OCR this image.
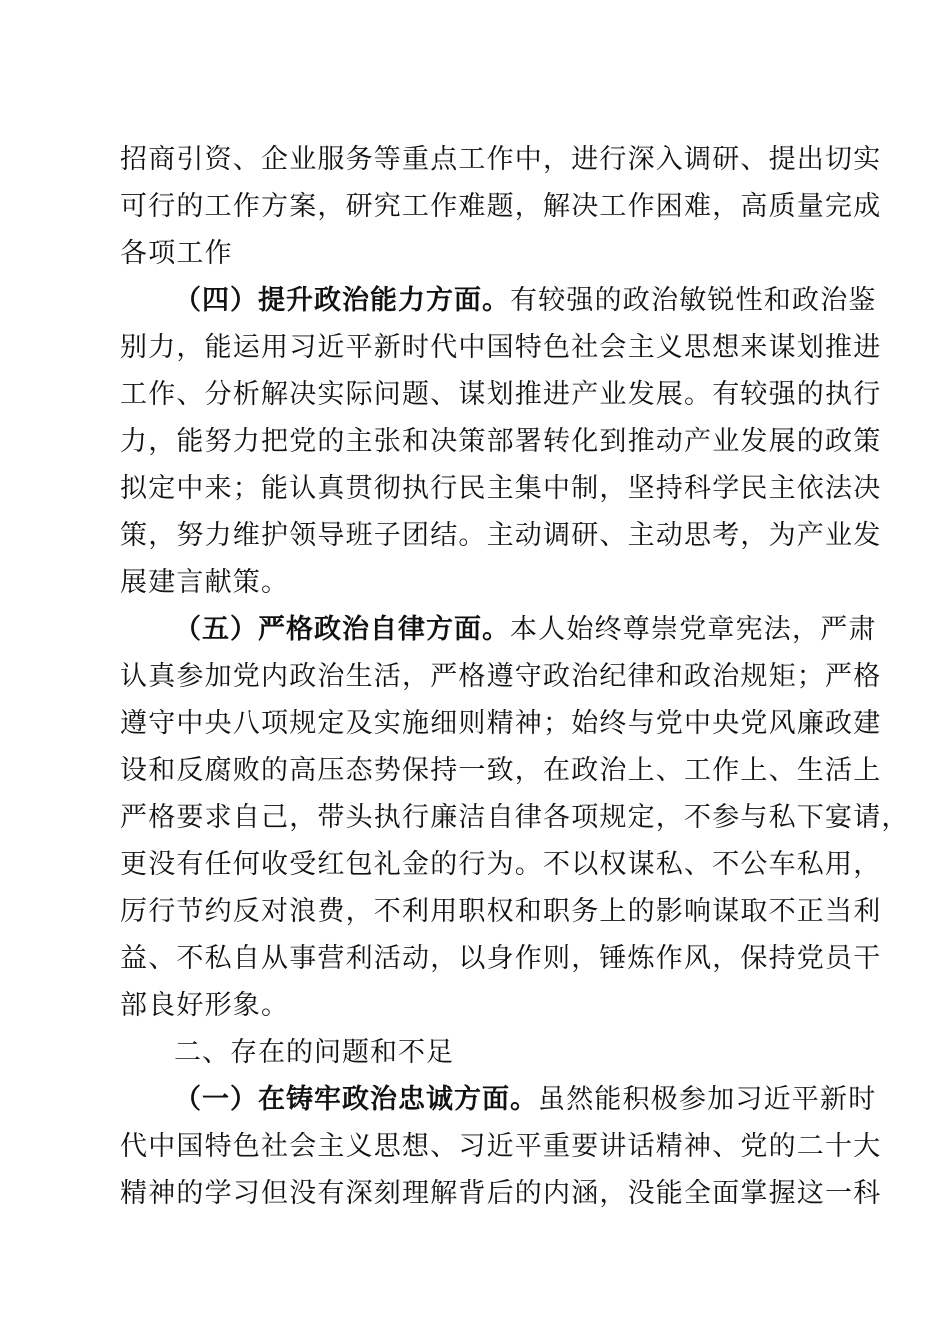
招商引资、企业服务等重点工作中，进行深入调研、提出切实
可行的工作方案，研究工作难题，解决工作困难，高质量完成
各项工作
（四）提升政治能力方面。有较强的政治敏锐性和政治鉴
别力，能运用习近平新时代中国特色社会主义思想来谋划推进
工作、分析解决实际问题、谋划推进产业发展。有较强的执行
力，能努力把党的主张和决策部署转化到推动产业发展的政策
拟定中来；能认真贯彻执行民主集中制，坚持科学民主依法决
策，努力维护领导班子团结。主动调研、主动思考，为产业发
展建言献策。
（五）严格政治自律方面。本人始终尊崇党章宪法，严肃
认真参加党内政治生活，严格遵守政治纪律和政治规矩；严格
遵守中央八项规定及实施细则精神；始终与党中央党风廉政建
设和反腐败的高压态势保持一致，在政治上、工作上、生活上
严格要求自己，带头执行廉洁自律各项规定，不参与私下宴请，
更没有任何收受红包礼金的行为。不以权谋私、不公车私用，
厉行节约反对浪费，不利用职权和职务上的影响谋取不正当利
益、不私自从事营利活动，以身作则，锤炼作风，保持党员干
部良好形象。
二、存在的问题和不足
（一）在铸牢政治忠诚方面。虽然能积极参加习近平新时
代中国特色社会主义思想、习近平重要讲话精神、党的二十大
精神的学习但没有深刻理解背后的内涵，没能全面掌握这一科
